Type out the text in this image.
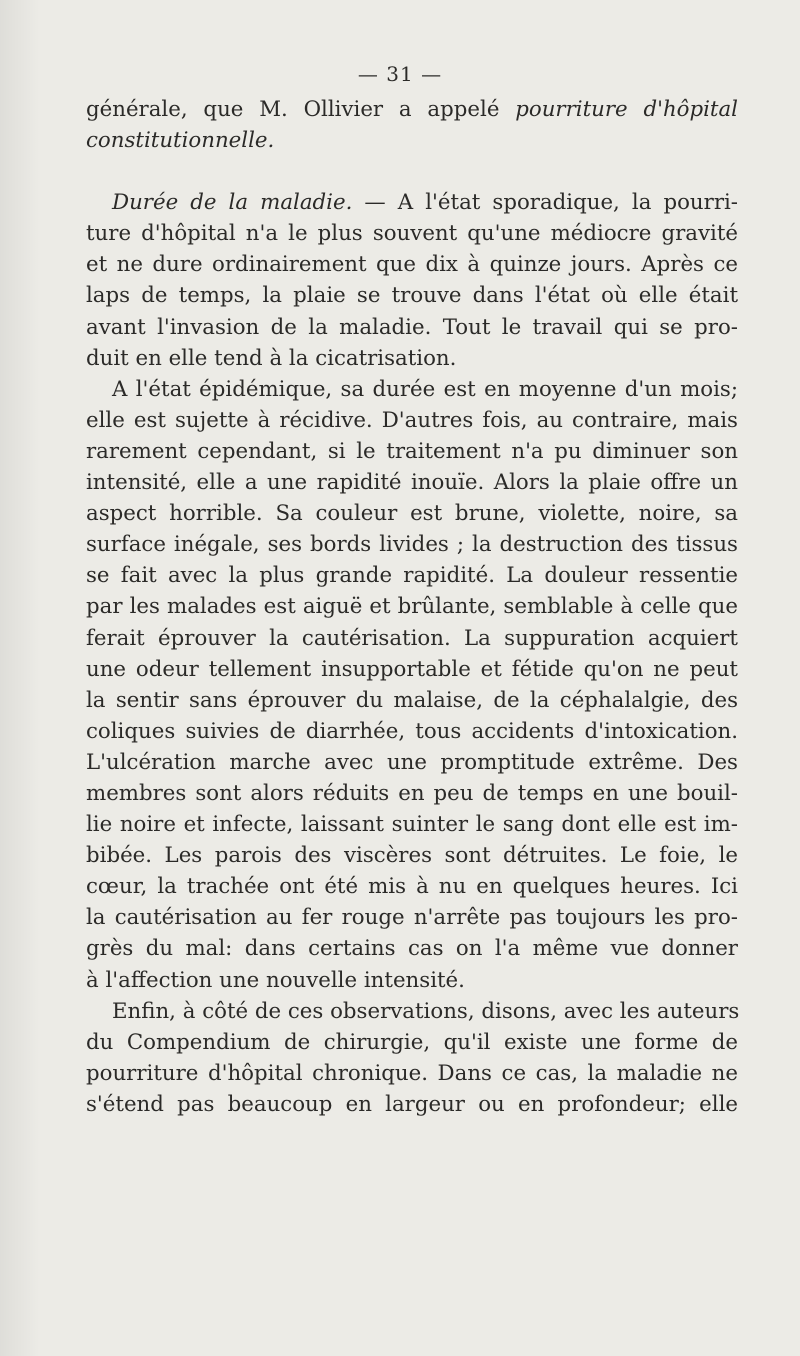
— 31 —
générale, que M. Ollivier a appelé pourriture d'hôpital
constitutionnelle.
Durée de la maladie. — A l'état sporadique, la pourri-
ture d'hôpital n'a le plus souvent qu'une médiocre gravité
et ne dure ordinairement que dix à quinze jours. Après ce
laps de temps, la plaie se trouve dans l'état où elle était
avant l'invasion de la maladie. Tout le travail qui se pro-
duit en elle tend à la cicatrisation.
A l'état épidémique, sa durée est en moyenne d'un mois;
elle est sujette à récidive. D'autres fois, au contraire, mais
rarement cependant, si le traitement n'a pu diminuer son
intensité, elle a une rapidité inouïe. Alors la plaie offre un
aspect horrible. Sa couleur est brune, violette, noire, sa
surface inégale, ses bords livides ; la destruction des tissus
se fait avec la plus grande rapidité. La douleur ressentie
par les malades est aiguë et brûlante, semblable à celle que
ferait éprouver la cautérisation. La suppuration acquiert
une odeur tellement insupportable et fétide qu'on ne peut
la sentir sans éprouver du malaise, de la céphalalgie, des
coliques suivies de diarrhée, tous accidents d'intoxication.
L'ulcération marche avec une promptitude extrême. Des
membres sont alors réduits en peu de temps en une bouil-
lie noire et infecte, laissant suinter le sang dont elle est im-
bibée. Les parois des viscères sont détruites. Le foie, le
cœur, la trachée ont été mis à nu en quelques heures. Ici
la cautérisation au fer rouge n'arrête pas toujours les pro-
grès du mal: dans certains cas on l'a même vue donner
à l'affection une nouvelle intensité.
Enfin, à côté de ces observations, disons, avec les auteurs
du Compendium de chirurgie, qu'il existe une forme de
pourriture d'hôpital chronique. Dans ce cas, la maladie ne
s'étend pas beaucoup en largeur ou en profondeur; elle
